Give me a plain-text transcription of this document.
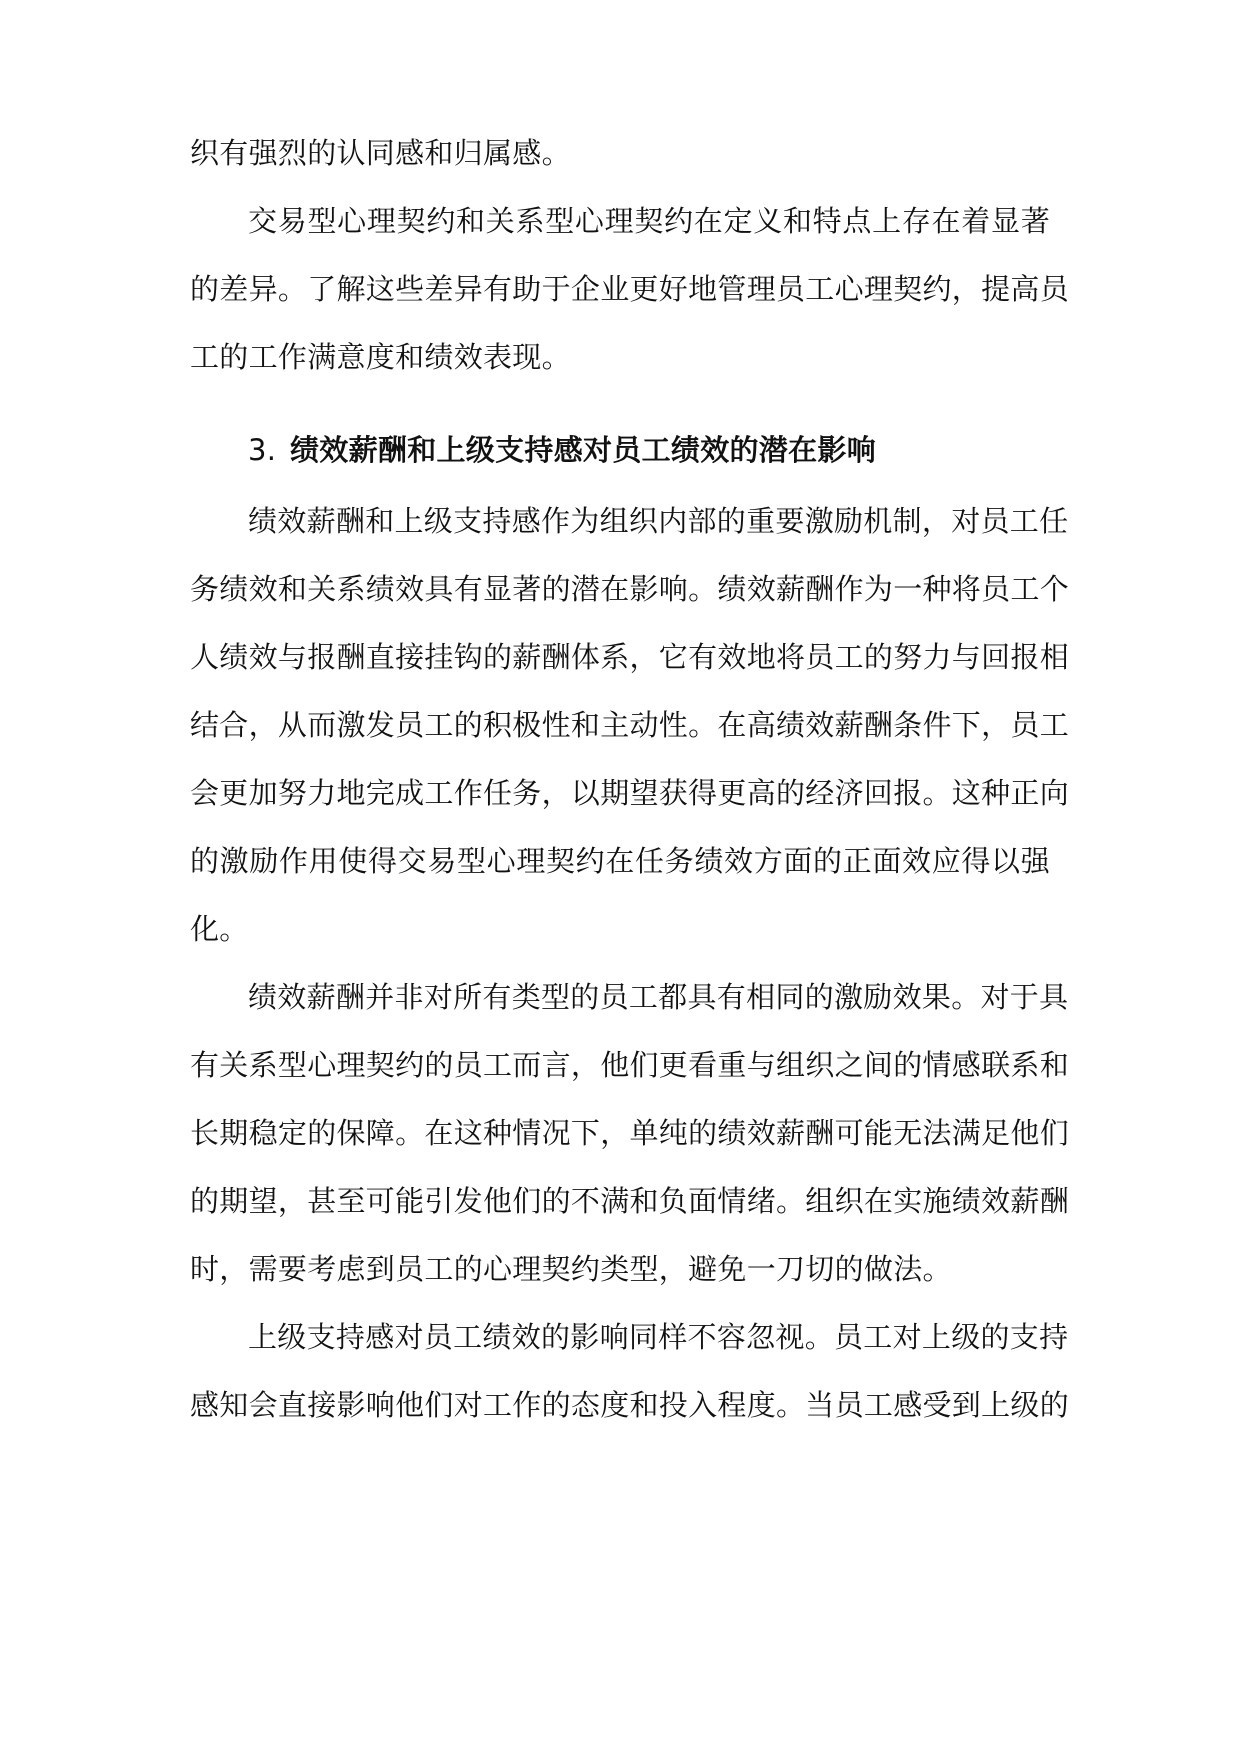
织有强烈的认同感和归属感。
交易型心理契约和关系型心理契约在定义和特点上存在着显著
的差异。了解这些差异有助于企业更好地管理员工心理契约，提高员
工的工作满意度和绩效表现。
3. 绩效薪酬和上级支持感对员工绩效的潜在影响
绩效薪酬和上级支持感作为组织内部的重要激励机制，对员工任
务绩效和关系绩效具有显著的潜在影响。绩效薪酬作为一种将员工个
人绩效与报酬直接挂钩的薪酬体系，它有效地将员工的努力与回报相
结合，从而激发员工的积极性和主动性。在高绩效薪酬条件下，员工
会更加努力地完成工作任务，以期望获得更高的经济回报。这种正向
的激励作用使得交易型心理契约在任务绩效方面的正面效应得以强
化。
绩效薪酬并非对所有类型的员工都具有相同的激励效果。对于具
有关系型心理契约的员工而言，他们更看重与组织之间的情感联系和
长期稳定的保障。在这种情况下，单纯的绩效薪酬可能无法满足他们
的期望，甚至可能引发他们的不满和负面情绪。组织在实施绩效薪酬
时，需要考虑到员工的心理契约类型，避免一刀切的做法。
上级支持感对员工绩效的影响同样不容忽视。员工对上级的支持
感知会直接影响他们对工作的态度和投入程度。当员工感受到上级的
